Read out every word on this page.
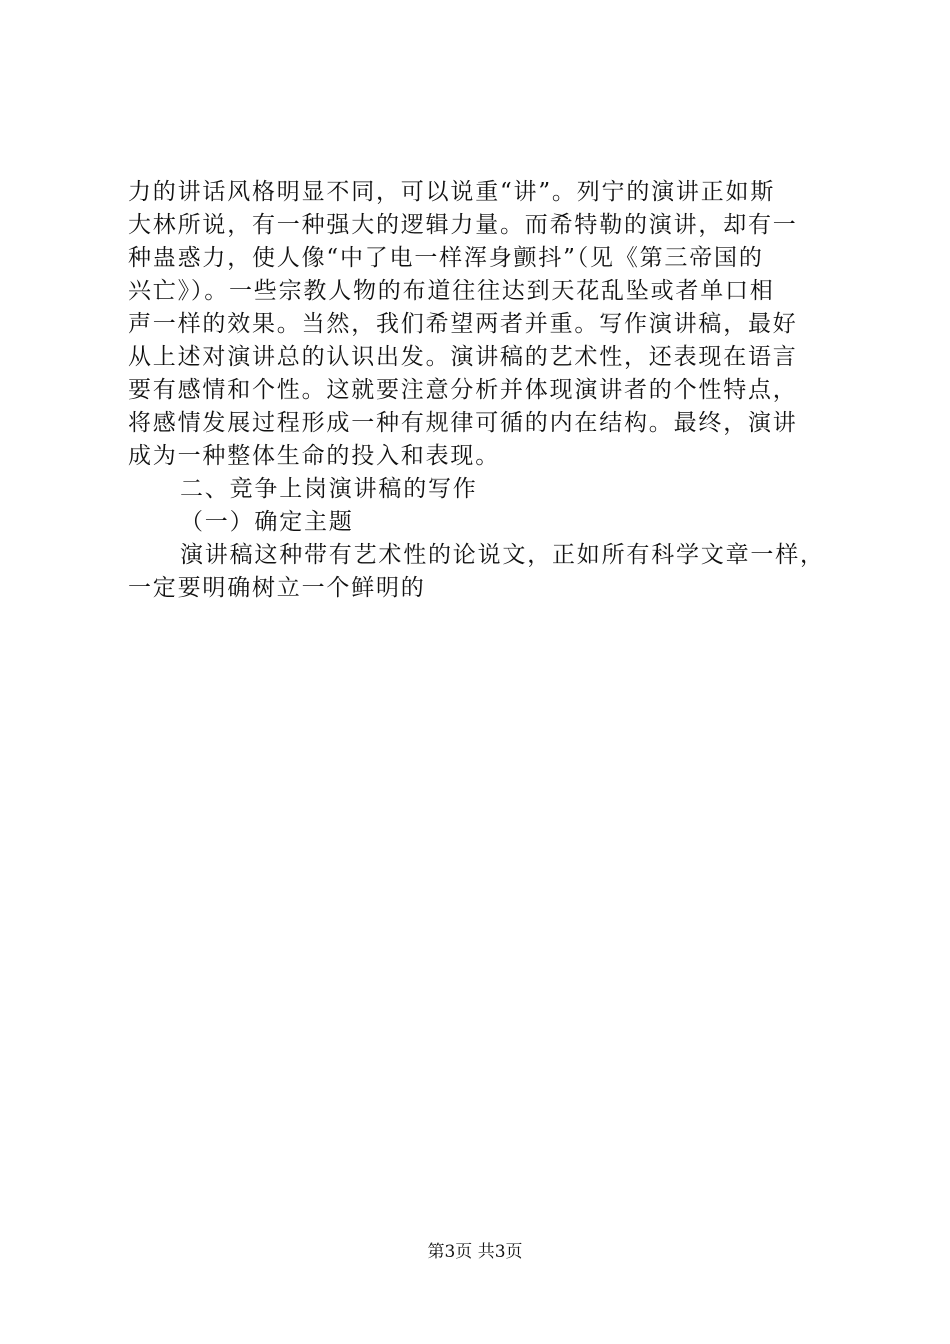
力的讲话风格明显不同，可以说重“讲”。列宁的演讲正如斯
大林所说，有一种强大的逻辑力量。而希特勒的演讲，却有一
种蛊惑力，使人像“中了电一样浑身颤抖”（见《第三帝国的
兴亡》）。一些宗教人物的布道往往达到天花乱坠或者单口相
声一样的效果。当然，我们希望两者并重。写作演讲稿，最好
从上述对演讲总的认识出发。演讲稿的艺术性，还表现在语言
要有感情和个性。这就要注意分析并体现演讲者的个性特点，
将感情发展过程形成一种有规律可循的内在结构。最终，演讲
成为一种整体生命的投入和表现。
二、竞争上岗演讲稿的写作
（一）确定主题
演讲稿这种带有艺术性的论说文，正如所有科学文章一样，
一定要明确树立一个鲜明的
第3页 共3页
